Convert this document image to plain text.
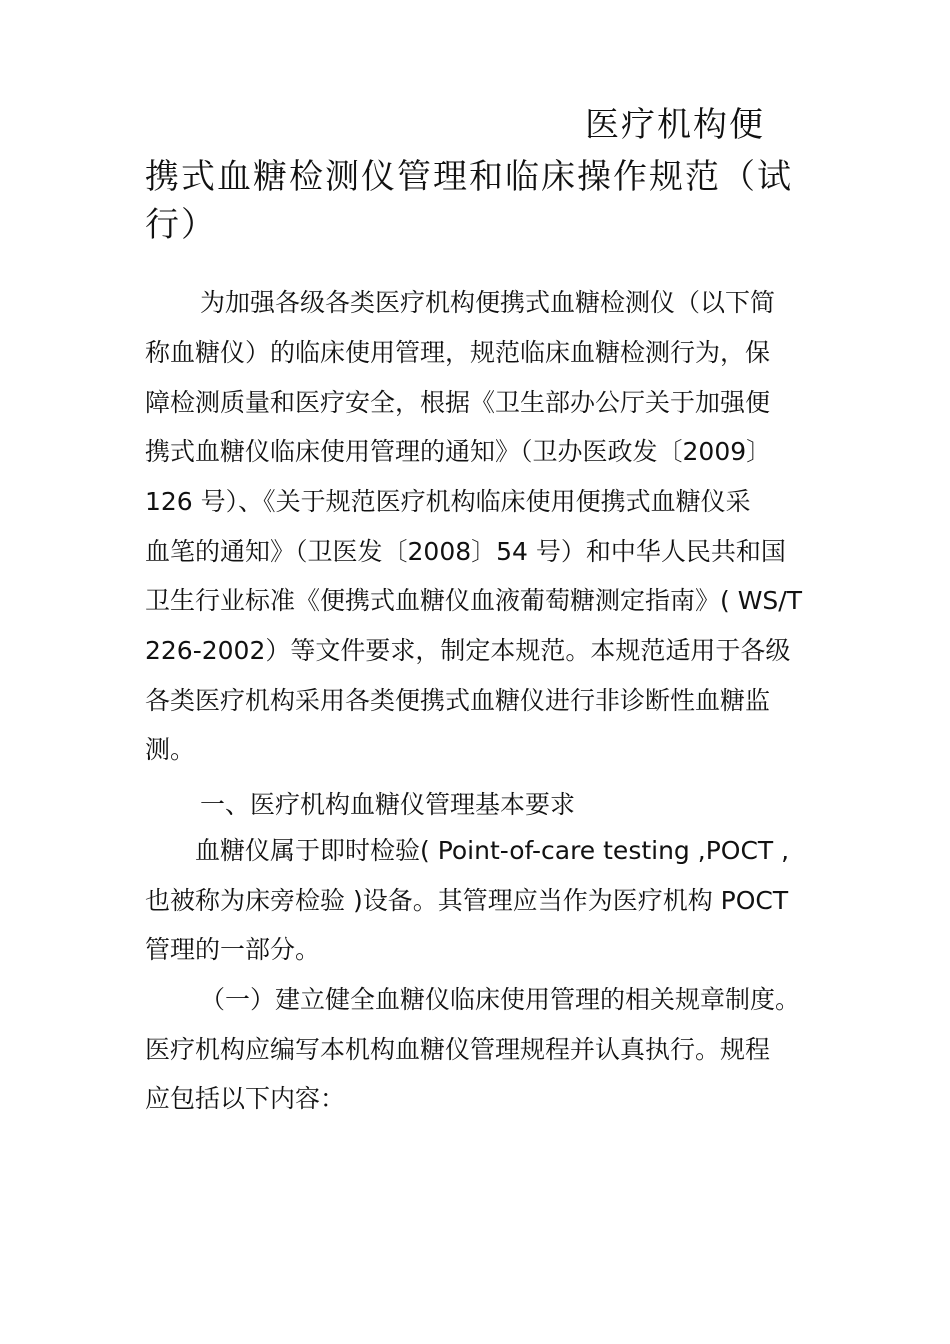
医疗机构便
携式血糖检测仪管理和临床操作规范（试
行）

为加强各级各类医疗机构便携式血糖检测仪（以下简

称血糖仪）的临床使用管理，规范临床血糖检测行为，保

障检测质量和医疗安全，根据《卫生部办公厅关于加强便

携式血糖仪临床使用管理的通知》（卫办医政发〔2009〕

126 号）、《关于规范医疗机构临床使用便携式血糖仪采

血笔的通知》（卫医发〔2008〕54 号）和中华人民共和国

卫生行业标准《便携式血糖仪血液葡萄糖测定指南》( WS/T

226-2002）等文件要求，制定本规范。本规范适用于各级

各类医疗机构采用各类便携式血糖仪进行非诊断性血糖监

测。

一、医疗机构血糖仪管理基本要求

血糖仪属于即时检验( Point-of-care testing ,POCT ,

也被称为床旁检验 )设备。其管理应当作为医疗机构 POCT

管理的一部分。

（一）建立健全血糖仪临床使用管理的相关规章制度。

医疗机构应编写本机构血糖仪管理规程并认真执行。规程

应包括以下内容：
